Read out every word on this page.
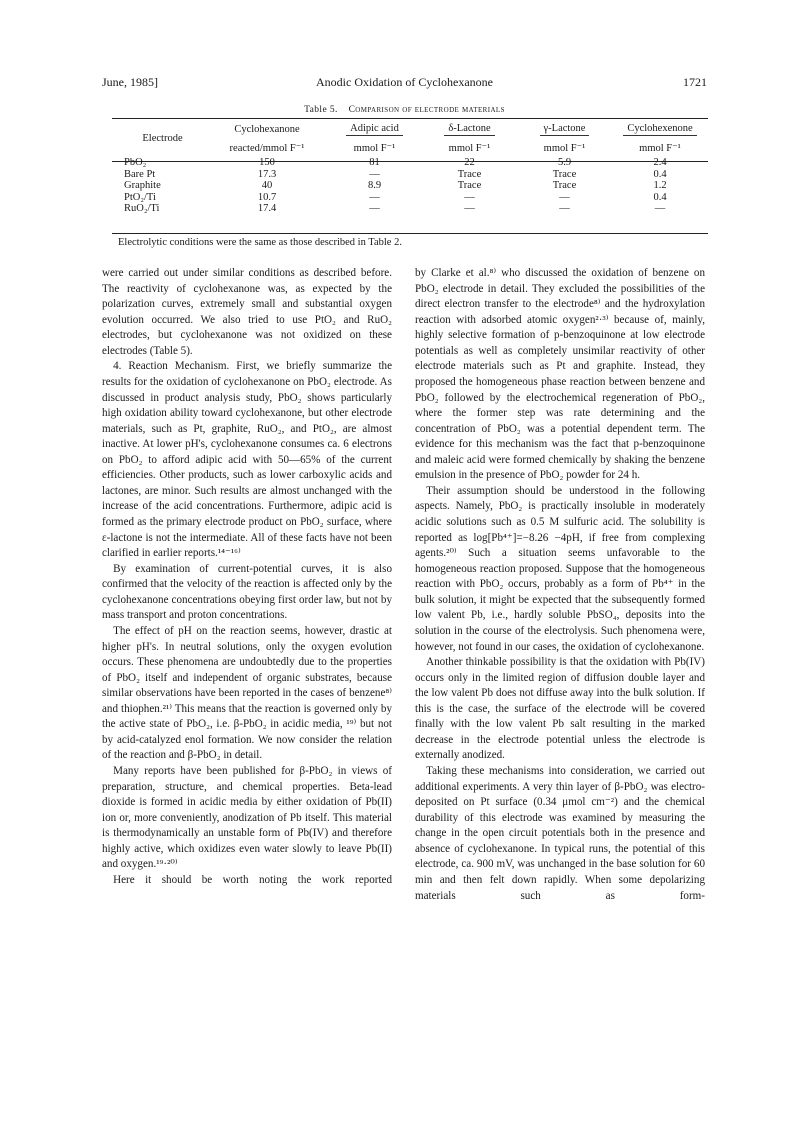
June, 1985]	Anodic Oxidation of Cyclohexanone	1721
Table 5. Comparison of electrode materials
Electrode	Cyclohexanone	Adipic acid	δ-Lactone	γ-Lactone	Cyclohexenone
	reacted/mmol F⁻¹	mmol F⁻¹	mmol F⁻¹	mmol F⁻¹	mmol F⁻¹
PbO₂	150	81	22	5.9	2.4
Bare Pt	17.3	—	Trace	Trace	0.4
Graphite	40	8.9	Trace	Trace	1.2
PtO₂/Ti	10.7	—	—	—	0.4
RuO₂/Ti	17.4	—	—	—	—
Electrolytic conditions were the same as those described in Table 2.

were carried out under similar conditions as described before. The reactivity of cyclohexanone was, as expected by the polarization curves, extremely small and substantial oxygen evolution occurred. We also tried to use PtO₂ and RuO₂ electrodes, but cyclohexanone was not oxidized on these electrodes (Table 5).

4. Reaction Mechanism. First, we briefly summarize the results for the oxidation of cyclohexanone on PbO₂ electrode. As discussed in product analysis study, PbO₂ shows particularly high oxidation ability toward cyclohexanone, but other electrode materials, such as Pt, graphite, RuO₂, and PtO₂, are almost inactive. At lower pH's, cyclohexanone consumes ca. 6 electrons on PbO₂ to afford adipic acid with 50—65% of the current efficiencies. Other products, such as lower carboxylic acids and lactones, are minor. Such results are almost unchanged with the increase of the acid concentrations. Furthermore, adipic acid is formed as the primary electrode product on PbO₂ surface, where ε-lactone is not the intermediate. All of these facts have not been clarified in earlier reports.¹⁴⁻¹⁶⁾

By examination of current-potential curves, it is also confirmed that the velocity of the reaction is affected only by the cyclohexanone concentrations obeying first order law, but not by mass transport and proton concentrations.

The effect of pH on the reaction seems, however, drastic at higher pH's. In neutral solutions, only the oxygen evolution occurs. These phenomena are undoubtedly due to the properties of PbO₂ itself and independent of organic substrates, because similar observations have been reported in the cases of benzene⁸⁾ and thiophen.²¹⁾ This means that the reaction is governed only by the active state of PbO₂, i.e. β-PbO₂ in acidic media, ¹⁹⁾ but not by acid-catalyzed enol formation. We now consider the relation of the reaction and β-PbO₂ in detail.

Many reports have been published for β-PbO₂ in views of preparation, structure, and chemical properties. Beta-lead dioxide is formed in acidic media by either oxidation of Pb(II) ion or, more conveniently, anodization of Pb itself. This material is thermodynamically an unstable form of Pb(IV) and therefore highly active, which oxidizes even water slowly to leave Pb(II) and oxygen.¹⁹·²⁰⁾

Here it should be worth noting the work reported

by Clarke et al.⁸⁾ who discussed the oxidation of benzene on PbO₂ electrode in detail. They excluded the possibilities of the direct electron transfer to the electrode⁸⁾ and the hydroxylation reaction with adsorbed atomic oxygen²·³⁾ because of, mainly, highly selective formation of p-benzoquinone at low electrode potentials as well as completely unsimilar reactivity of other electrode materials such as Pt and graphite. Instead, they proposed the homogeneous phase reaction between benzene and PbO₂ followed by the electrochemical regeneration of PbO₂, where the former step was rate determining and the concentration of PbO₂ was a potential dependent term. The evidence for this mechanism was the fact that p-benzoquinone and maleic acid were formed chemically by shaking the benzene emulsion in the presence of PbO₂ powder for 24 h.

Their assumption should be understood in the following aspects. Namely, PbO₂ is practically insoluble in moderately acidic solutions such as 0.5 M sulfuric acid. The solubility is reported as log[Pb⁴⁺]=−8.26 −4pH, if free from complexing agents.²⁰⁾ Such a situation seems unfavorable to the homogeneous reaction proposed. Suppose that the homogeneous reaction with PbO₂ occurs, probably as a form of Pb⁴⁺ in the bulk solution, it might be expected that the subsequently formed low valent Pb, i.e., hardly soluble PbSO₄, deposits into the solution in the course of the electrolysis. Such phenomena were, however, not found in our cases, the oxidation of cyclohexanone.

Another thinkable possibility is that the oxidation with Pb(IV) occurs only in the limited region of diffusion double layer and the low valent Pb does not diffuse away into the bulk solution. If this is the case, the surface of the electrode will be covered finally with the low valent Pb salt resulting in the marked decrease in the electrode potential unless the electrode is externally anodized.

Taking these mechanisms into consideration, we carried out additional experiments. A very thin layer of β-PbO₂ was electro-deposited on Pt surface (0.34 μmol cm⁻²) and the chemical durability of this electrode was examined by measuring the change in the open circuit potentials both in the presence and absence of cyclohexanone. In typical runs, the potential of this electrode, ca. 900 mV, was unchanged in the base solution for 60 min and then felt down rapidly. When some depolarizing materials such as form-
